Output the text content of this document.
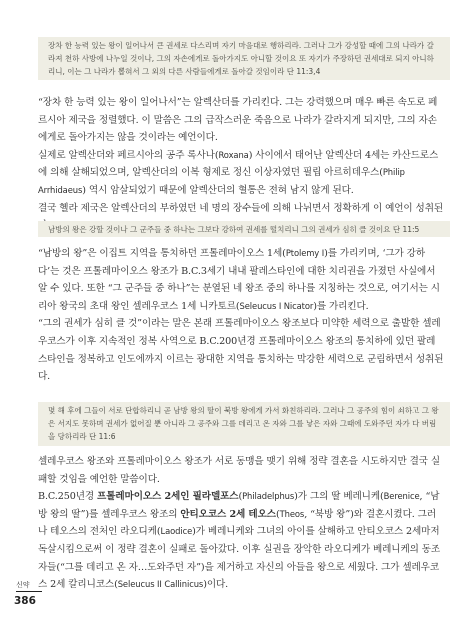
장차 한 능력 있는 왕이 일어나서 큰 권세로 다스리며 자기 마음대로 행하리라. 그러나 그가 강성할 때에 그의 나라가 갈라져 천하 사방에 나누일 것이나, 그의 자손에게로 돌아가지도 아니할 것이요 또 자기가 주장하던 권세대로 되지 아니하리니, 이는 그 나라가 뽑혀서 그 외의 다른 사람들에게로 돌아갈 것임이라 단 11:3,4

“장차 한 능력 있는 왕이 일어나서”는 알렉산더를 가리킨다. 그는 강력했으며 매우 빠른 속도로 페르시아 제국을 정렬했다. 이 말씀은 그의 급작스러운 죽음으로 나라가 갈라지게 되지만, 그의 자손에게로 돌아가지는 않을 것이라는 예언이다.

실제로 알렉산더와 페르시아의 공주 록사나(Roxana) 사이에서 태어난 알렉산더 4세는 카산드로스에 의해 살해되었으며, 알렉산더의 이복 형제로 정신 이상자였던 필립 아르히데우스(Philip Arrhidaeus) 역시 암살되었기 때문에 알렉산더의 혈통은 전혀 남지 않게 된다.

결국 헬라 제국은 알렉산더의 부하였던 네 명의 장수들에 의해 나뉘면서 정확하게 이 예언이 성취된

남방의 왕은 강할 것이나 그 군주들 중 하나는 그보다 강하여 권세를 떨치리니 그의 권세가 심히 클 것이요 단 11:5

“남방의 왕”은 이집트 지역을 통치하던 프톨레마이오스 1세(Ptolemy I)를 가리키며, ‘그가 강하다’는 것은 프톨레마이오스 왕조가 B.C.3세기 내내 팔레스타인에 대한 치리권을 가졌던 사실에서 알 수 있다. 또한 “그 군주들 중 하나”는 분열된 네 왕조 중의 하나를 지칭하는 것으로, 여기서는 시리아 왕국의 초대 왕인 셀레우코스 1세 니카토르(Seleucus I Nicator)를 가리킨다.

“그의 권세가 심히 클 것”이라는 말은 본래 프톨레마이오스 왕조보다 미약한 세력으로 출발한 셀레우코스가 이후 지속적인 정복 사역으로 B.C.200년경 프톨레마이오스 왕조의 통치하에 있던 팔레스타인을 정복하고 인도에까지 이르는 광대한 지역을 통치하는 막강한 세력으로 군림하면서 성취된다.

몇 해 후에 그들이 서로 단합하리니 곧 남방 왕의 딸이 북방 왕에게 가서 화친하리라. 그러나 그 공주의 힘이 쇠하고 그 왕은 서지도 못하며 권세가 없어질 뿐 아니라 그 공주와 그를 데리고 온 자와 그를 낳은 자와 그때에 도와주던 자가 다 버림을 당하리라 단 11:6

셀레우코스 왕조와 프톨레마이오스 왕조가 서로 동맹을 맺기 위해 정략 결혼을 시도하지만 결국 실패할 것임을 예언한 말씀이다.

B.C.250년경 프톨레마이오스 2세인 필라델포스(Philadelphus)가 그의 딸 베레니케(Berenice, “남방 왕의 딸”)를 셀레우코스 왕조의 안티오코스 2세 테오스(Theos, “북방 왕”)와 결혼시켰다. 그러나 테오스의 전처인 라오디케(Laodice)가 베레니케와 그녀의 아이를 살해하고 안티오코스 2세마저 독살시킴으로써 이 정략 결혼이 실패로 돌아갔다. 이후 실권을 장악한 라오디케가 베레니케의 동조자들(“그를 데리고 온 자…도와주던 자”)을 제거하고 자신의 아들을 왕으로 세웠다. 그가 셀레우코스 2세 칼리니코스(Seleucus II Callinicus)이다.

신약
386
